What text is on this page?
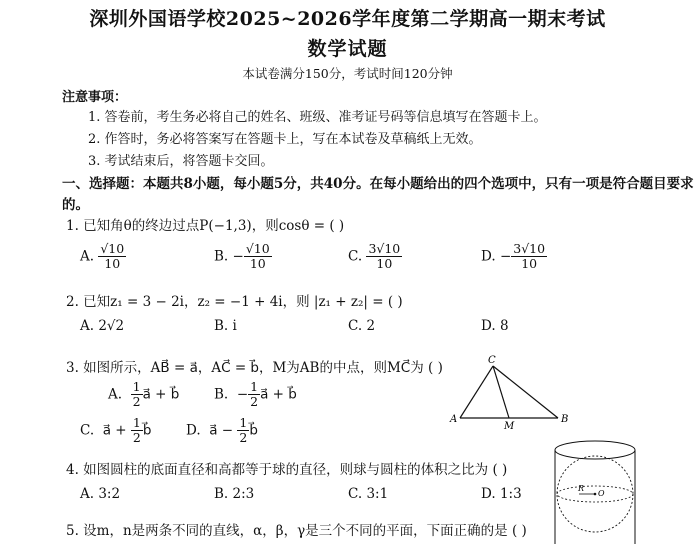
深圳外国语学校2025~2026学年度第二学期高一期末考试
数学试题
本试卷满分150分，考试时间120分钟
注意事项：
1. 答卷前，考生务必将自己的姓名、班级、准考证号码等信息填写在答题卡上。
2. 作答时，务必将答案写在答题卡上，写在本试卷及草稿纸上无效。
3. 考试结束后，将答题卡交回。
一、选择题：本题共8小题，每小题5分，共40分。在每小题给出的四个选项中，只有一项是符合题目要求
的。
1. 已知角θ的终边过点P(−1,3)，则cosθ = ( )
A. $\frac{√10}{10}$	B. − $\frac{√10}{10}$	C. $\frac{3√10}{10}$	D. − $\frac{3√10}{10}$
2. 已知z₁ = 3 − 2i，z₂ = −1 + 4i，则 |z₁ + z₂| = ( )
A. 2√2	B. i	C. 2	D. 8
3. 如图所示，AB⃗ = a⃗，AC⃗ = b⃗，M为AB的中点，则MC⃗为 ( )
A. $\frac{1}{2}$ a⃗ + b⃗	B. − $\frac{1}{2}$ a⃗ + b⃗
C. a⃗ + $\frac{1}{2}$ b⃗	D. a⃗ − $\frac{1}{2}$ b⃗
C
A	B
M
4. 如图圆柱的底面直径和高都等于球的直径，则球与圆柱的体积之比为 ( )
A. 3:2	B. 2:3	C. 3:1	D. 1:3	R
O
5. 设m，n是两条不同的直线，α，β，γ是三个不同的平面，下面正确的是 ( )
